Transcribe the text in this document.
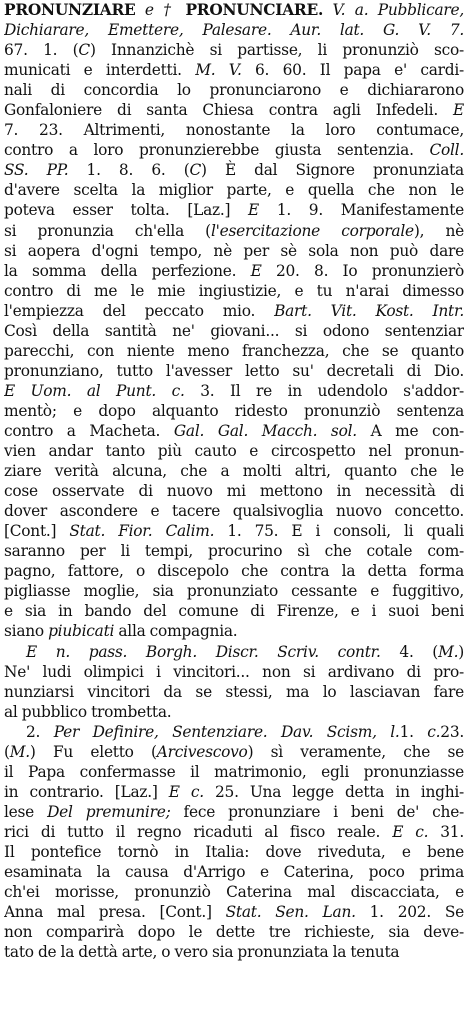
PRONUNZIARE e † PRONUNCIARE. V. a. Pubblicare,
Dichiarare, Emettere, Palesare. Aur. lat. G. V. 7.
67. 1. (C) Innanzichè si partisse, li pronunziò sco-
municati e interdetti. M. V. 6. 60. Il papa e' cardi-
nali di concordia lo pronunciarono e dichiararono
Gonfaloniere di santa Chiesa contra agli Infedeli. E
7. 23. Altrimenti, nonostante la loro contumace,
contro a loro pronunzierebbe giusta sentenzia. Coll.
SS. PP. 1. 8. 6. (C) È dal Signore pronunziata
d'avere scelta la miglior parte, e quella che non le
poteva esser tolta. [Laz.] E 1. 9. Manifestamente
si pronunzia ch'ella (l'esercitazione corporale), nè
si aopera d'ogni tempo, nè per sè sola non può dare
la somma della perfezione. E 20. 8. Io pronunzierò
contro di me le mie ingiustizie, e tu n'arai dimesso
l'empiezza del peccato mio. Bart. Vit. Kost. Intr.
Così della santità ne' giovani... si odono sentenziar
parecchi, con niente meno franchezza, che se quanto
pronunziano, tutto l'avesser letto su' decretali di Dio.
E Uom. al Punt. c. 3. Il re in udendolo s'addor-
mentò; e dopo alquanto ridesto pronunziò sentenza
contro a Macheta. Gal. Gal. Macch. sol. A me con-
vien andar tanto più cauto e circospetto nel pronun-
ziare verità alcuna, che a molti altri, quanto che le
cose osservate di nuovo mi mettono in necessità di
dover ascondere e tacere qualsivoglia nuovo concetto.
[Cont.] Stat. Fior. Calim. 1. 75. E i consoli, li quali
saranno per li tempi, procurino sì che cotale com-
pagno, fattore, o discepolo che contra la detta forma
pigliasse moglie, sia pronunziato cessante e fuggitivo,
e sia in bando del comune di Firenze, e i suoi beni
siano piubicati alla compagnia.
E n. pass. Borgh. Discr. Scriv. contr. 4. (M.)
Ne' ludi olimpici i vincitori... non si ardivano di pro-
nunziarsi vincitori da se stessi, ma lo lasciavan fare
al pubblico trombetta.
2. Per Definire, Sentenziare. Dav. Scism, l.1. c.23.
(M.) Fu eletto (Arcivescovo) sì veramente, che se
il Papa confermasse il matrimonio, egli pronunziasse
in contrario. [Laz.] E c. 25. Una legge detta in inghi-
lese Del premunire; fece pronunziare i beni de' che-
rici di tutto il regno ricaduti al fisco reale. E c. 31.
Il pontefice tornò in Italia: dove riveduta, e bene
esaminata la causa d'Arrigo e Caterina, poco prima
ch'ei morisse, pronunziò Caterina mal discacciata, e
Anna mal presa. [Cont.] Stat. Sen. Lan. 1. 202. Se
non comparirà dopo le dette tre richieste, sia deve-
tato de la dettà arte, o vero sia pronunziata la tenuta
